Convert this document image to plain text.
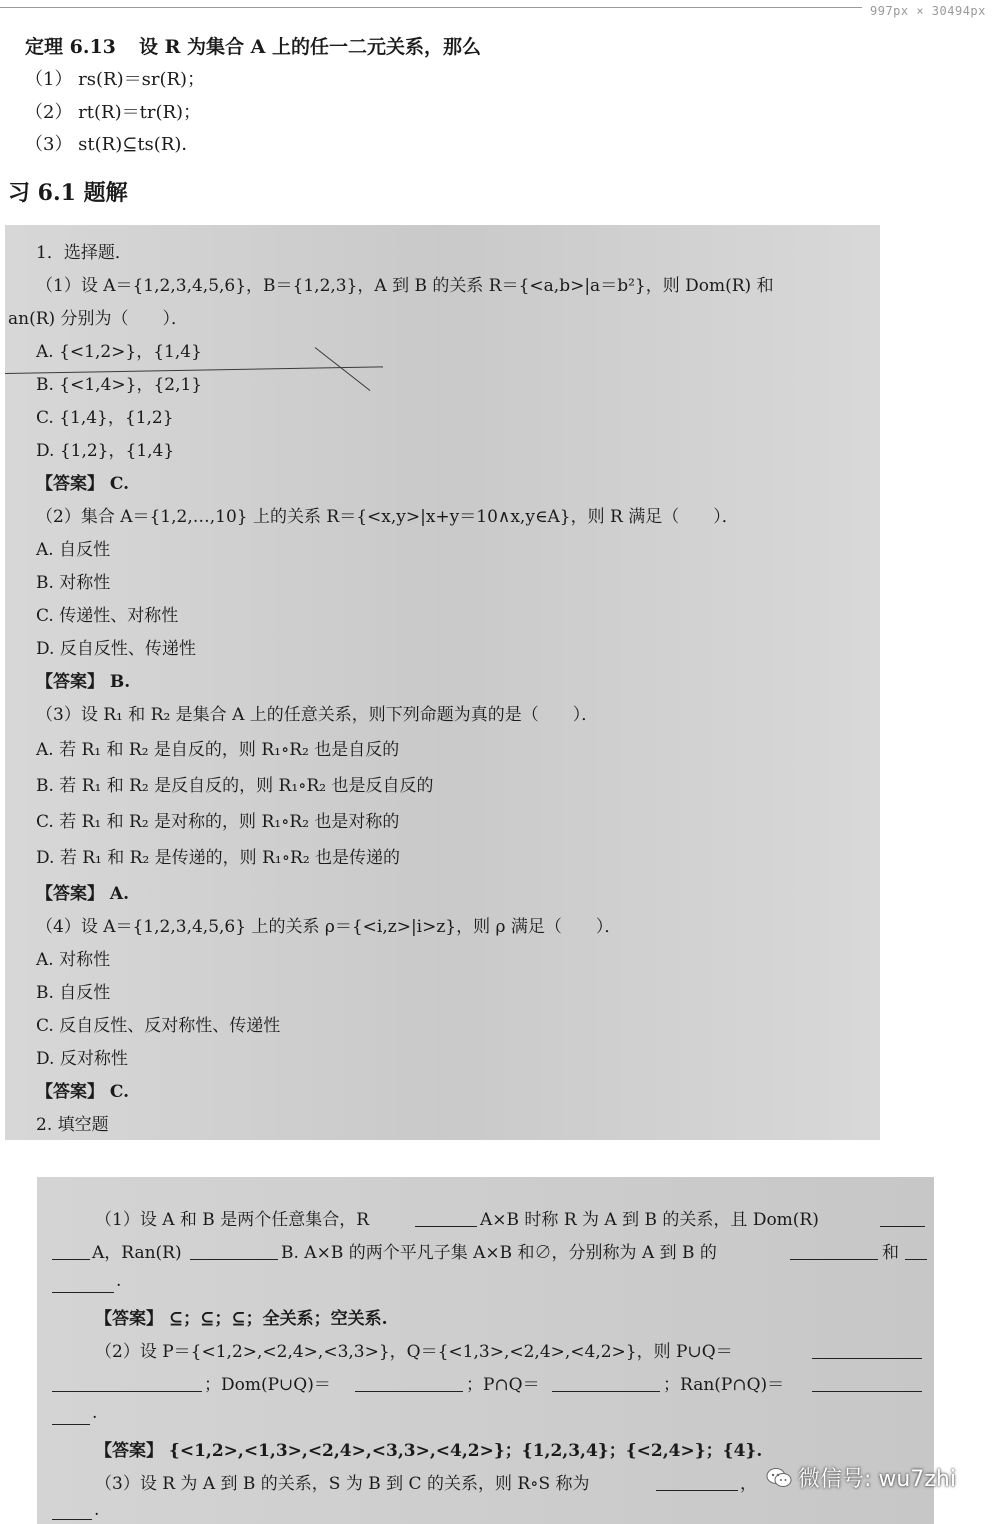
997px × 30494px
定理 6.13 设 R 为集合 A 上的任一二元关系，那么
（1） rs(R)＝sr(R)；
（2） rt(R)＝tr(R)；
（3） st(R)⊆ts(R)．
习 6.1 题解
1．选择题．
（1）设 A＝{1,2,3,4,5,6}，B＝{1,2,3}，A 到 B 的关系 R＝{<a,b>|a＝b²}，则 Dom(R) 和
an(R) 分别为（　　）．
A. {<1,2>}，{1,4}
B. {<1,4>}，{2,1}
C. {1,4}，{1,2}
D. {1,2}，{1,4}
【答案】 C.
（2）集合 A＝{1,2,…,10} 上的关系 R＝{<x,y>|x+y＝10∧x,y∈A}，则 R 满足（　　）．
A. 自反性
B. 对称性
C. 传递性、对称性
D. 反自反性、传递性
【答案】 B.
（3）设 R₁ 和 R₂ 是集合 A 上的任意关系，则下列命题为真的是（　　）．
A. 若 R₁ 和 R₂ 是自反的，则 R₁∘R₂ 也是自反的
B. 若 R₁ 和 R₂ 是反自反的，则 R₁∘R₂ 也是反自反的
C. 若 R₁ 和 R₂ 是对称的，则 R₁∘R₂ 也是对称的
D. 若 R₁ 和 R₂ 是传递的，则 R₁∘R₂ 也是传递的
【答案】 A.
（4）设 A＝{1,2,3,4,5,6} 上的关系 ρ＝{<i,z>|i>z}，则 ρ 满足（　　）．
A. 对称性
B. 自反性
C. 反自反性、反对称性、传递性
D. 反对称性
【答案】 C.
2. 填空题
（1）设 A 和 B 是两个任意集合，R	A×B 时称 R 为 A 到 B 的关系，且 Dom(R)
A，Ran(R)	B. A×B 的两个平凡子集 A×B 和∅，分别称为 A 到 B 的	和
.
【答案】 ⊆；⊆；⊆；全关系；空关系.
（2）设 P＝{<1,2>,<2,4>,<3,3>}，Q＝{<1,3>,<2,4>,<4,2>}，则 P∪Q＝
；Dom(P∪Q)＝	；P∩Q＝	；Ran(P∩Q)＝
.
【答案】 {<1,2>,<1,3>,<2,4>,<3,3>,<4,2>}；{1,2,3,4}；{<2,4>}；{4}.
（3）设 R 为 A 到 B 的关系，S 为 B 到 C 的关系，则 R∘S 称为	，
.
微信号: wu7zhi
